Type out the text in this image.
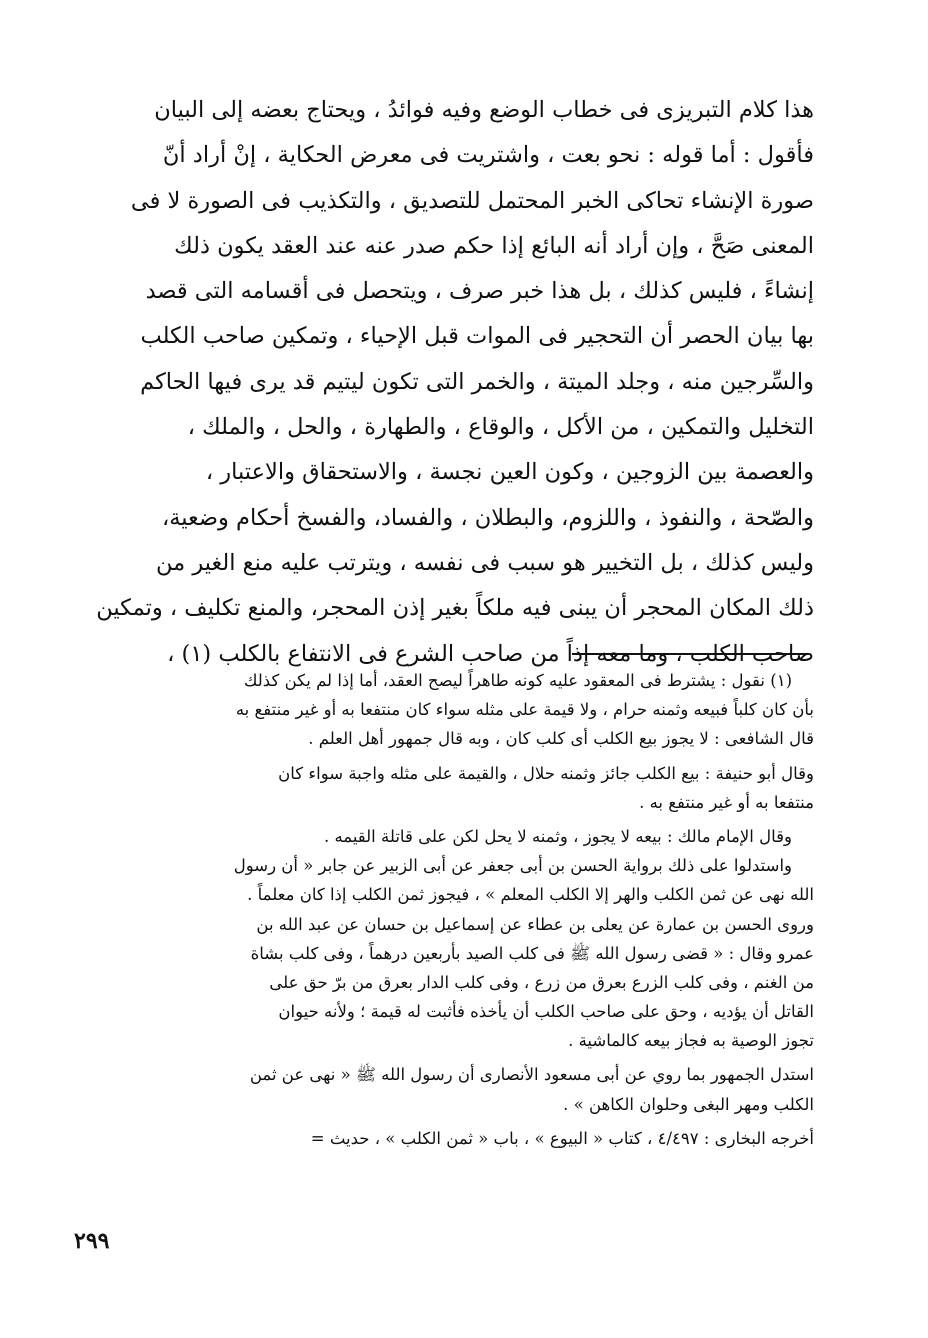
هذا كلام التبريزى فى خطاب الوضع وفيه فوائدُ ، ويحتاج بعضه إلى البيان
فأقول : أما قوله : نحو بعت ، واشتريت فى معرض الحكاية ، إنْ أراد أنّ
صورة الإنشاء تحاكى الخبر المحتمل للتصديق ، والتكذيب فى الصورة لا فى
المعنى صَحَّ ، وإن أراد أنه البائع إذا حكم صدر عنه عند العقد يكون ذلك
إنشاءً ، فليس كذلك ، بل هذا خبر صرف ، ويتحصل فى أقسامه التى قصد
بها بيان الحصر أن التحجير فى الموات قبل الإحياء ، وتمكين صاحب الكلب
والسِّرجين منه ، وجلد الميتة ، والخمر التى تكون ليتيم قد يرى فيها الحاكم
التخليل والتمكين ، من الأكل ، والوقاع ، والطهارة ، والحل ، والملك ،
والعصمة بين الزوجين ، وكون العين نجسة ، والاستحقاق والاعتبار ،
والصّحة ، والنفوذ ، واللزوم، والبطلان ، والفساد، والفسخ أحكام وضعية،
وليس كذلك ، بل التخيير هو سبب فى نفسه ، ويترتب عليه منع الغير من
ذلك المكان المحجر أن يبنى فيه ملكاً بغير إذن المحجر، والمنع تكليف ، وتمكين
صاحب الكلب ، وما معه إذاً من صاحب الشرع فى الانتفاع بالكلب (١) ،
(١) نقول : يشترط فى المعقود عليه كونه طاهراً ليصح العقد، أما إذا لم يكن كذلك
بأن كان كلباً فبيعه وثمنه حرام ، ولا قيمة على مثله سواء كان منتفعا به أو غير منتفع به
قال الشافعى : لا يجوز بيع الكلب أى كلب كان ، وبه قال جمهور أهل العلم .
وقال أبو حنيفة : بيع الكلب جائز وثمنه حلال ، والقيمة على مثله واجبة سواء كان
منتفعا به أو غير منتفع به .
وقال الإمام مالك : بيعه لا يجوز ، وثمنه لا يحل لكن على قاتلة القيمه .
واستدلوا على ذلك برواية الحسن بن أبى جعفر عن أبى الزبير عن جابر « أن رسول
الله نهى عن ثمن الكلب والهر إلا الكلب المعلم » ، فيجوز ثمن الكلب إذا كان معلماً .
وروى الحسن بن عمارة عن يعلى بن عطاء عن إسماعيل بن حسان عن عبد الله بن
عمرو وقال : « قضى رسول الله ﷺ فى كلب الصيد بأربعين درهماً ، وفى كلب بشاة
من الغنم ، وفى كلب الزرع بعرق من زرع ، وفى كلب الدار بعرق من برّ حق على
القاتل أن يؤديه ، وحق على صاحب الكلب أن يأخذه فأثبت له قيمة ؛ ولأنه حيوان
تجوز الوصية به فجاز بيعه كالماشية .
استدل الجمهور بما روي عن أبى مسعود الأنصارى أن رسول الله ﷺ « نهى عن ثمن
الكلب ومهر البغى وحلوان الكاهن » .
أخرجه البخارى : ٤/٤٩٧ ، كتاب « البيوع » ، باب « ثمن الكلب » ، حديث =
٢٩٩
